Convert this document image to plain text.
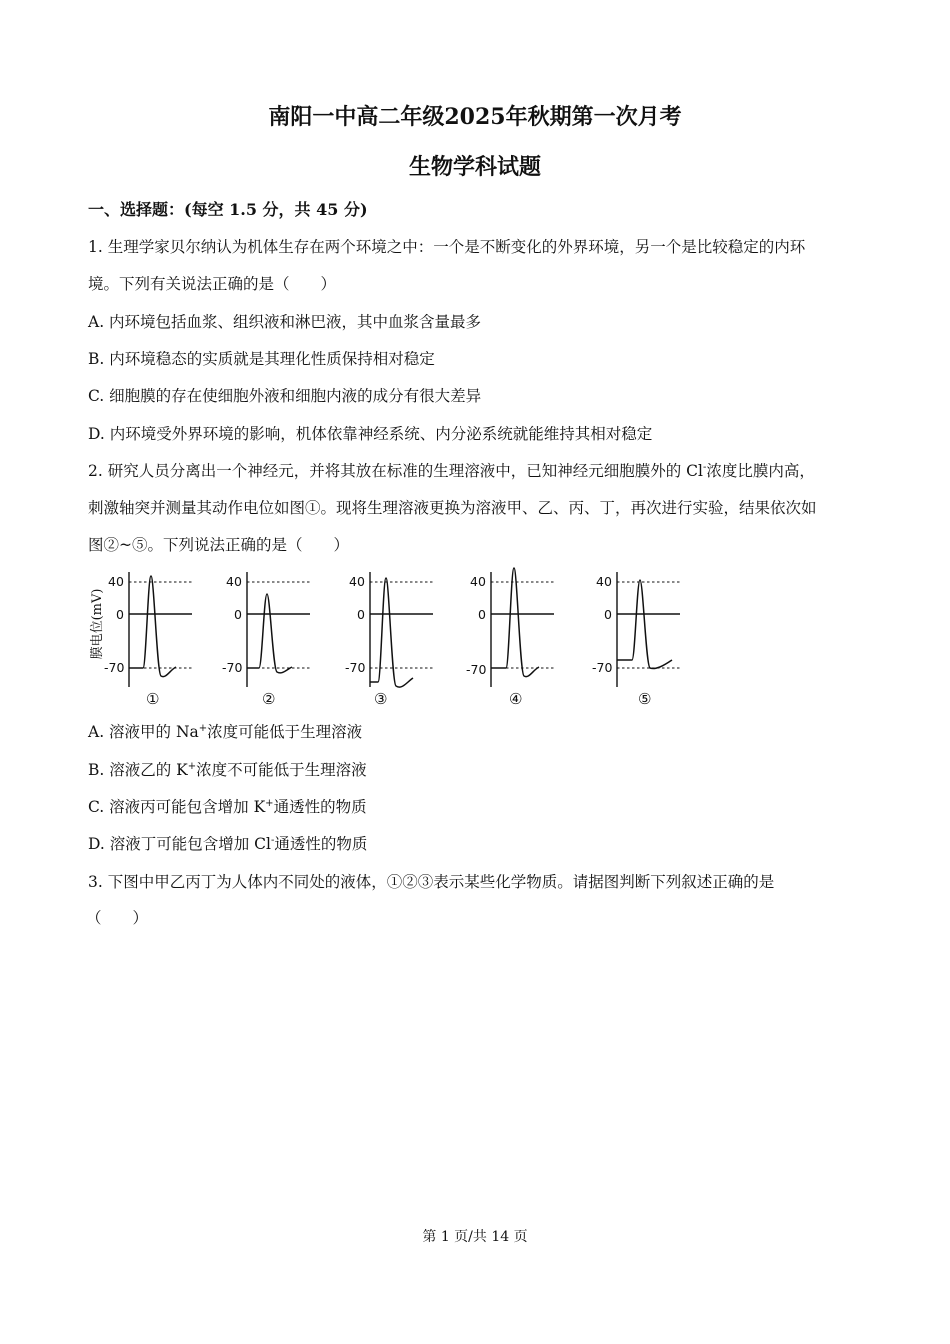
南阳一中高二年级2025年秋期第一次月考
生物学科试题
一、选择题：(每空 1.5 分，共 45 分)
1. 生理学家贝尔纳认为机体生存在两个环境之中：一个是不断变化的外界环境，另一个是比较稳定的内环
境。下列有关说法正确的是（　　）
A. 内环境包括血浆、组织液和淋巴液，其中血浆含量最多
B. 内环境稳态的实质就是其理化性质保持相对稳定
C. 细胞膜的存在使细胞外液和细胞内液的成分有很大差异
D. 内环境受外界环境的影响，机体依靠神经系统、内分泌系统就能维持其相对稳定
2. 研究人员分离出一个神经元，并将其放在标准的生理溶液中，已知神经元细胞膜外的 Cl-浓度比膜内高，
刺激轴突并测量其动作电位如图①。现将生理溶液更换为溶液甲、乙、丙、丁，再次进行实验，结果依次如
图②~⑤。下列说法正确的是（　　）
膜电位(mV)
40
0
-70
①
40
0
-70
②
40
0
-70
③
40
0
-70
④
40
0
-70
⑤
A. 溶液甲的 Na+浓度可能低于生理溶液
B. 溶液乙的 K+浓度不可能低于生理溶液
C. 溶液丙可能包含增加 K+通透性的物质
D. 溶液丁可能包含增加 Cl-通透性的物质
3. 下图中甲乙丙丁为人体内不同处的液体，①②③表示某些化学物质。请据图判断下列叙述正确的是
（　　）
第 1 页/共 14 页
